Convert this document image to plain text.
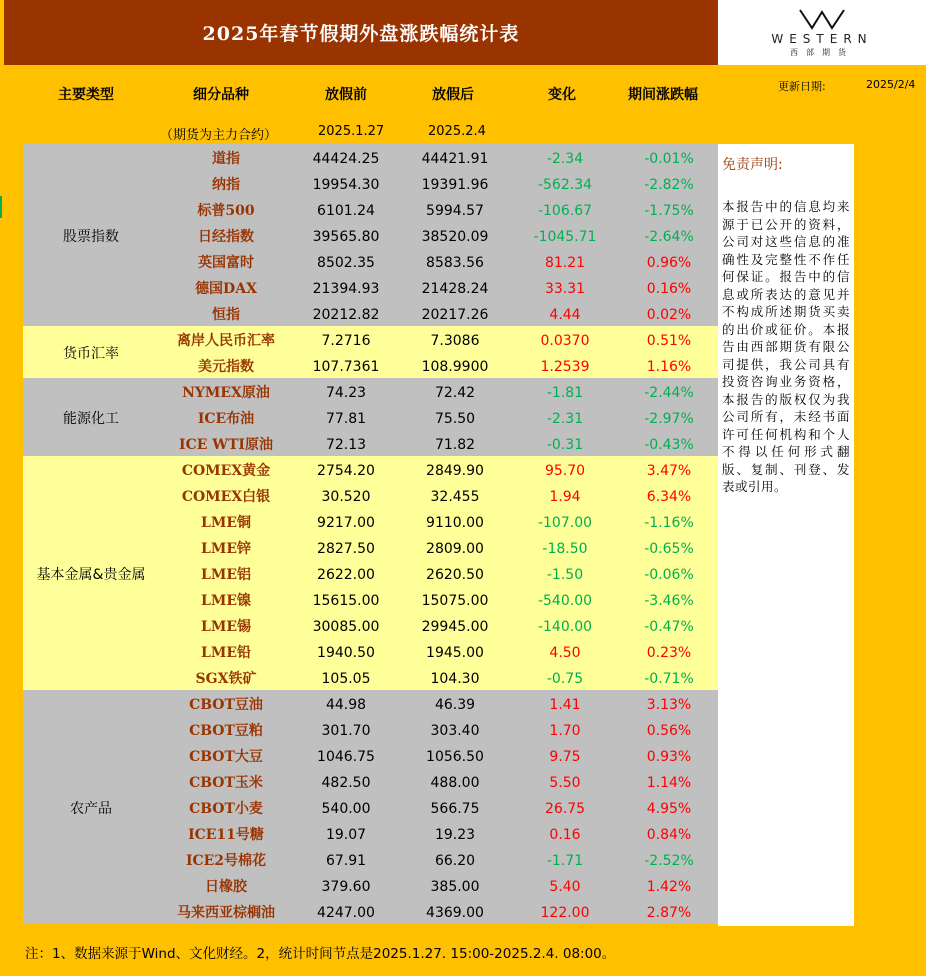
2025年春节假期外盘涨跌幅统计表	WESTERN
西部期货
主要类型	细分品种	放假前	放假后	变化	期间涨跌幅
更新日期:	2025/2/4
（期货为主力合约）	2025.1.27	2025.2.4
股票指数
道指	44424.25	44421.91	-2.34	-0.01%
纳指	19954.30	19391.96	-562.34	-2.82%
标普500	6101.24	5994.57	-106.67	-1.75%
日经指数	39565.80	38520.09	-1045.71	-2.64%
英国富时	8502.35	8583.56	81.21	0.96%
德国DAX	21394.93	21428.24	33.31	0.16%
恒指	20212.82	20217.26	4.44	0.02%
货币汇率
离岸人民币汇率	7.2716	7.3086	0.0370	0.51%
美元指数	107.7361	108.9900	1.2539	1.16%
能源化工
NYMEX原油	74.23	72.42	-1.81	-2.44%
ICE布油	77.81	75.50	-2.31	-2.97%
ICE WTI原油	72.13	71.82	-0.31	-0.43%
基本金属&贵金属
COMEX黄金	2754.20	2849.90	95.70	3.47%
COMEX白银	30.520	32.455	1.94	6.34%
LME铜	9217.00	9110.00	-107.00	-1.16%
LME锌	2827.50	2809.00	-18.50	-0.65%
LME铝	2622.00	2620.50	-1.50	-0.06%
LME镍	15615.00	15075.00	-540.00	-3.46%
LME锡	30085.00	29945.00	-140.00	-0.47%
LME铅	1940.50	1945.00	4.50	0.23%
SGX铁矿	105.05	104.30	-0.75	-0.71%
农产品
CBOT豆油	44.98	46.39	1.41	3.13%
CBOT豆粕	301.70	303.40	1.70	0.56%
CBOT大豆	1046.75	1056.50	9.75	0.93%
CBOT玉米	482.50	488.00	5.50	1.14%
CBOT小麦	540.00	566.75	26.75	4.95%
ICE11号糖	19.07	19.23	0.16	0.84%
ICE2号棉花	67.91	66.20	-1.71	-2.52%
日橡胶	379.60	385.00	5.40	1.42%
马来西亚棕榈油	4247.00	4369.00	122.00	2.87%
免责声明:
本报告中的信息均来源于已公开的资料，公司对这些信息的准确性及完整性不作任何保证。报告中的信息或所表达的意见并不构成所述期货买卖的出价或征价。本报告由西部期货有限公司提供，我公司具有投资咨询业务资格，本报告的版权仅为我公司所有，未经书面许可任何机构和个人不得以任何形式翻版、复制、刊登、发表或引用。
注：1、数据来源于Wind、文化财经。2，统计时间节点是2025.1.27. 15:00-2025.2.4. 08:00。
